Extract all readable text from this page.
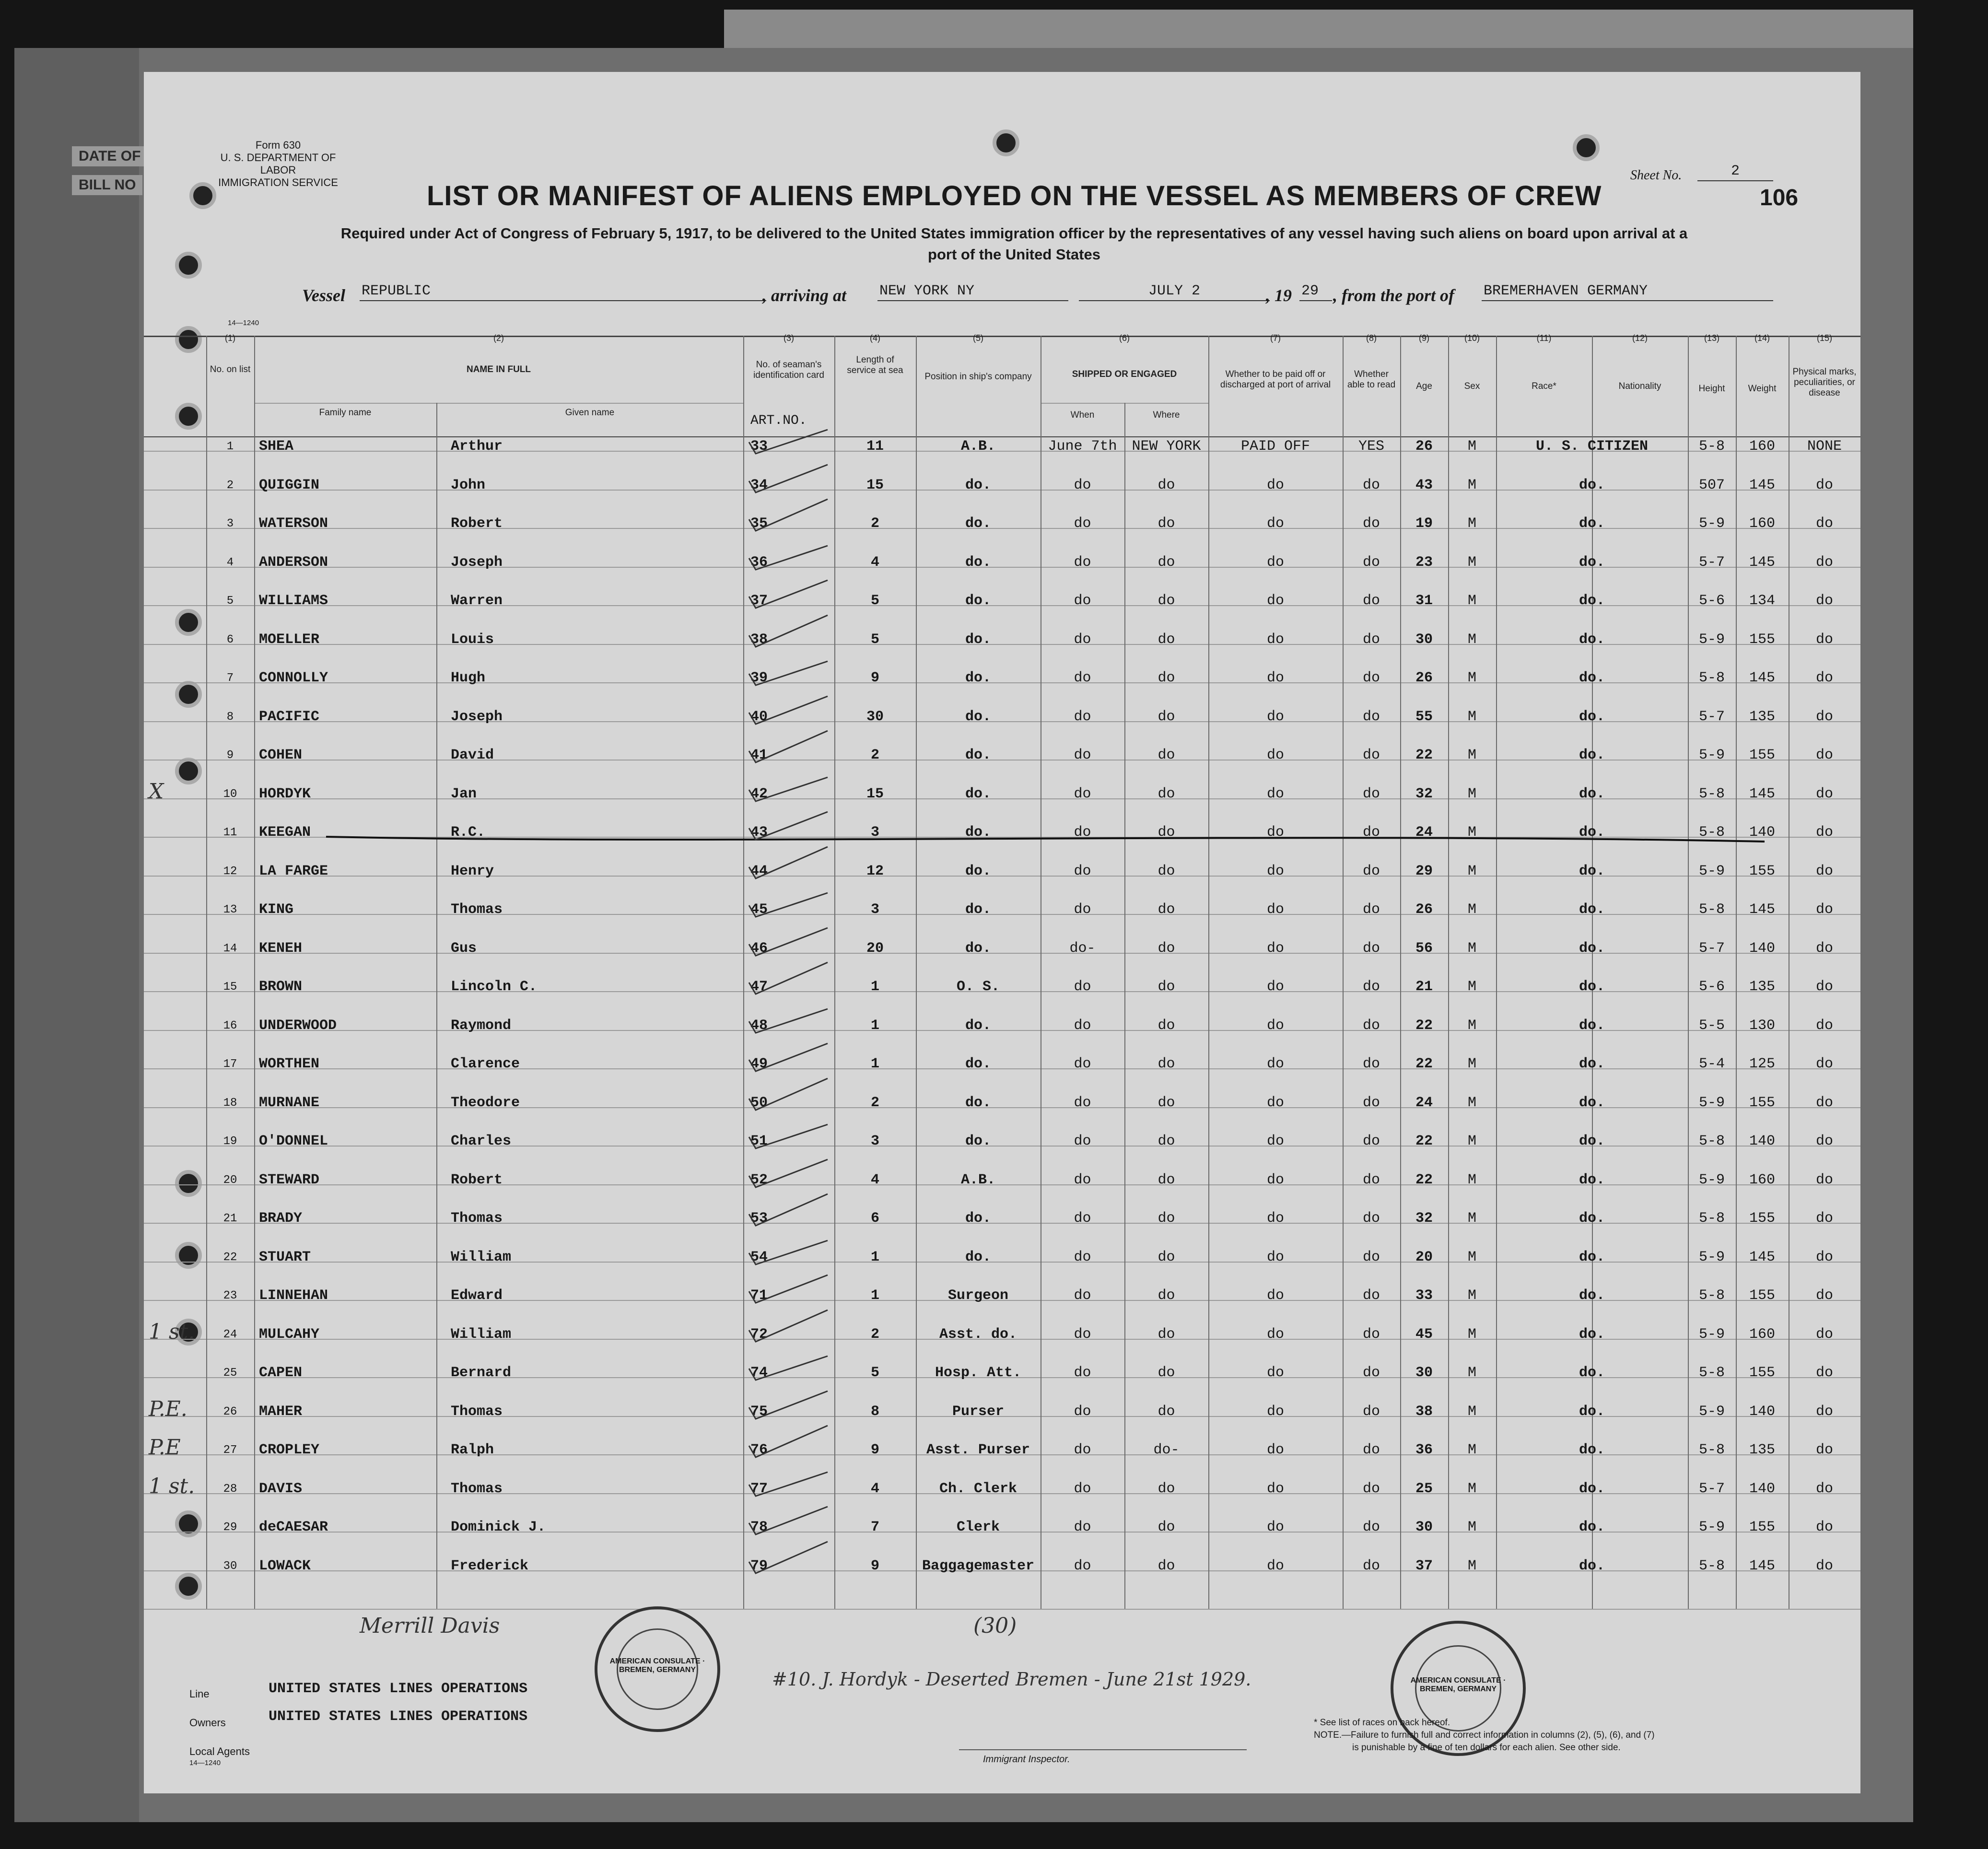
DATE OF
BILL NO
Form 630
U. S. DEPARTMENT OF LABOR
IMMIGRATION SERVICE	Sheet No.	2
106
LIST OR MANIFEST OF ALIENS EMPLOYED ON THE VESSEL AS MEMBERS OF CREW
Required under Act of Congress of February 5, 1917, to be delivered to the United States immigration officer by the representatives of any vessel having such aliens on board upon arrival at a
port of the United States
Vessel REPUBLIC	, arriving at NEW YORK NY	JULY 2	, 19 29 , from the port of BREMERHAVEN GERMANY
14—1240
(1)
No. on list
(2)
NAME IN FULL
Family name	Given name
(3)
No. of seaman's identification card
ART.NO.
(4)
Length of service at sea
(5)
Position in ship's company
(6)
SHIPPED OR ENGAGED
When	Where
(7)
Whether to be paid off or discharged at port of arrival
(8)
Whether able to read
(9)
Age
(10)
Sex
(11)
Race*
(12)
Nationality
(13)
Height
(14)
Weight
(15)
Physical marks, peculiarities, or disease
1	SHEA	Arthur	33	11	A.B.	June 7th	NEW YORK	PAID OFF	YES	26	M	U. S. CITIZEN	5-8	160	NONE
2	QUIGGIN	John	34	15	do.	do	do	do	do	43	M	do.	507	145	do
3	WATERSON	Robert	35	2	do.	do	do	do	do	19	M	do.	5-9	160	do
4	ANDERSON	Joseph	36	4	do.	do	do	do	do	23	M	do.	5-7	145	do
5	WILLIAMS	Warren	37	5	do.	do	do	do	do	31	M	do.	5-6	134	do
6	MOELLER	Louis	38	5	do.	do	do	do	do	30	M	do.	5-9	155	do
7	CONNOLLY	Hugh	39	9	do.	do	do	do	do	26	M	do.	5-8	145	do
8	PACIFIC	Joseph	40	30	do.	do	do	do	do	55	M	do.	5-7	135	do
9	COHEN	David	41	2	do.	do	do	do	do	22	M	do.	5-9	155	do
10	HORDYK	Jan	42	15	do.	do	do	do	do	32	M	do.	5-8	145	do
11	KEEGAN	R.C.	43	3	do.	do	do	do	do	24	M	do.	5-8	140	do
12	LA FARGE	Henry	44	12	do.	do	do	do	do	29	M	do.	5-9	155	do
13	KING	Thomas	45	3	do.	do	do	do	do	26	M	do.	5-8	145	do
14	KENEH	Gus	46	20	do.	do-	do	do	do	56	M	do.	5-7	140	do
15	BROWN	Lincoln C.	47	1	O. S.	do	do	do	do	21	M	do.	5-6	135	do
16	UNDERWOOD	Raymond	48	1	do.	do	do	do	do	22	M	do.	5-5	130	do
17	WORTHEN	Clarence	49	1	do.	do	do	do	do	22	M	do.	5-4	125	do
18	MURNANE	Theodore	50	2	do.	do	do	do	do	24	M	do.	5-9	155	do
19	O'DONNEL	Charles	51	3	do.	do	do	do	do	22	M	do.	5-8	140	do
20	STEWARD	Robert	52	4	A.B.	do	do	do	do	22	M	do.	5-9	160	do
21	BRADY	Thomas	53	6	do.	do	do	do	do	32	M	do.	5-8	155	do
22	STUART	William	54	1	do.	do	do	do	do	20	M	do.	5-9	145	do
23	LINNEHAN	Edward	71	1	Surgeon	do	do	do	do	33	M	do.	5-8	155	do
24	MULCAHY	William	72	2	Asst. do.	do	do	do	do	45	M	do.	5-9	160	do
25	CAPEN	Bernard	74	5	Hosp. Att.	do	do	do	do	30	M	do.	5-8	155	do
26	MAHER	Thomas	75	8	Purser	do	do	do	do	38	M	do.	5-9	140	do
27	CROPLEY	Ralph	76	9	Asst. Purser	do	do-	do	do	36	M	do.	5-8	135	do
28	DAVIS	Thomas	77	4	Ch. Clerk	do	do	do	do	25	M	do.	5-7	140	do
29	deCAESAR	Dominick J.	78	7	Clerk	do	do	do	do	30	M	do.	5-9	155	do
30	LOWACK	Frederick	79	9	Baggagemaster	do	do	do	do	37	M	do.	5-8	145	do
X
1 st.
P.E.
P.E
1 st.
Merrill Davis	(30)
#10. J. Hordyk - Deserted Bremen - June 21st 1929.
AMERICAN CONSULATE · BREMEN, GERMANY
AMERICAN CONSULATE · BREMEN, GERMANY
Line	UNITED STATES LINES OPERATIONS
Owners	UNITED STATES LINES OPERATIONS
Local Agents
14—1240	Immigrant Inspector.
* See list of races on back hereof.
NOTE.—Failure to furnish full and correct information in columns (2), (5), (6), and (7)
is punishable by a fine of ten dollars for each alien. See other side.
